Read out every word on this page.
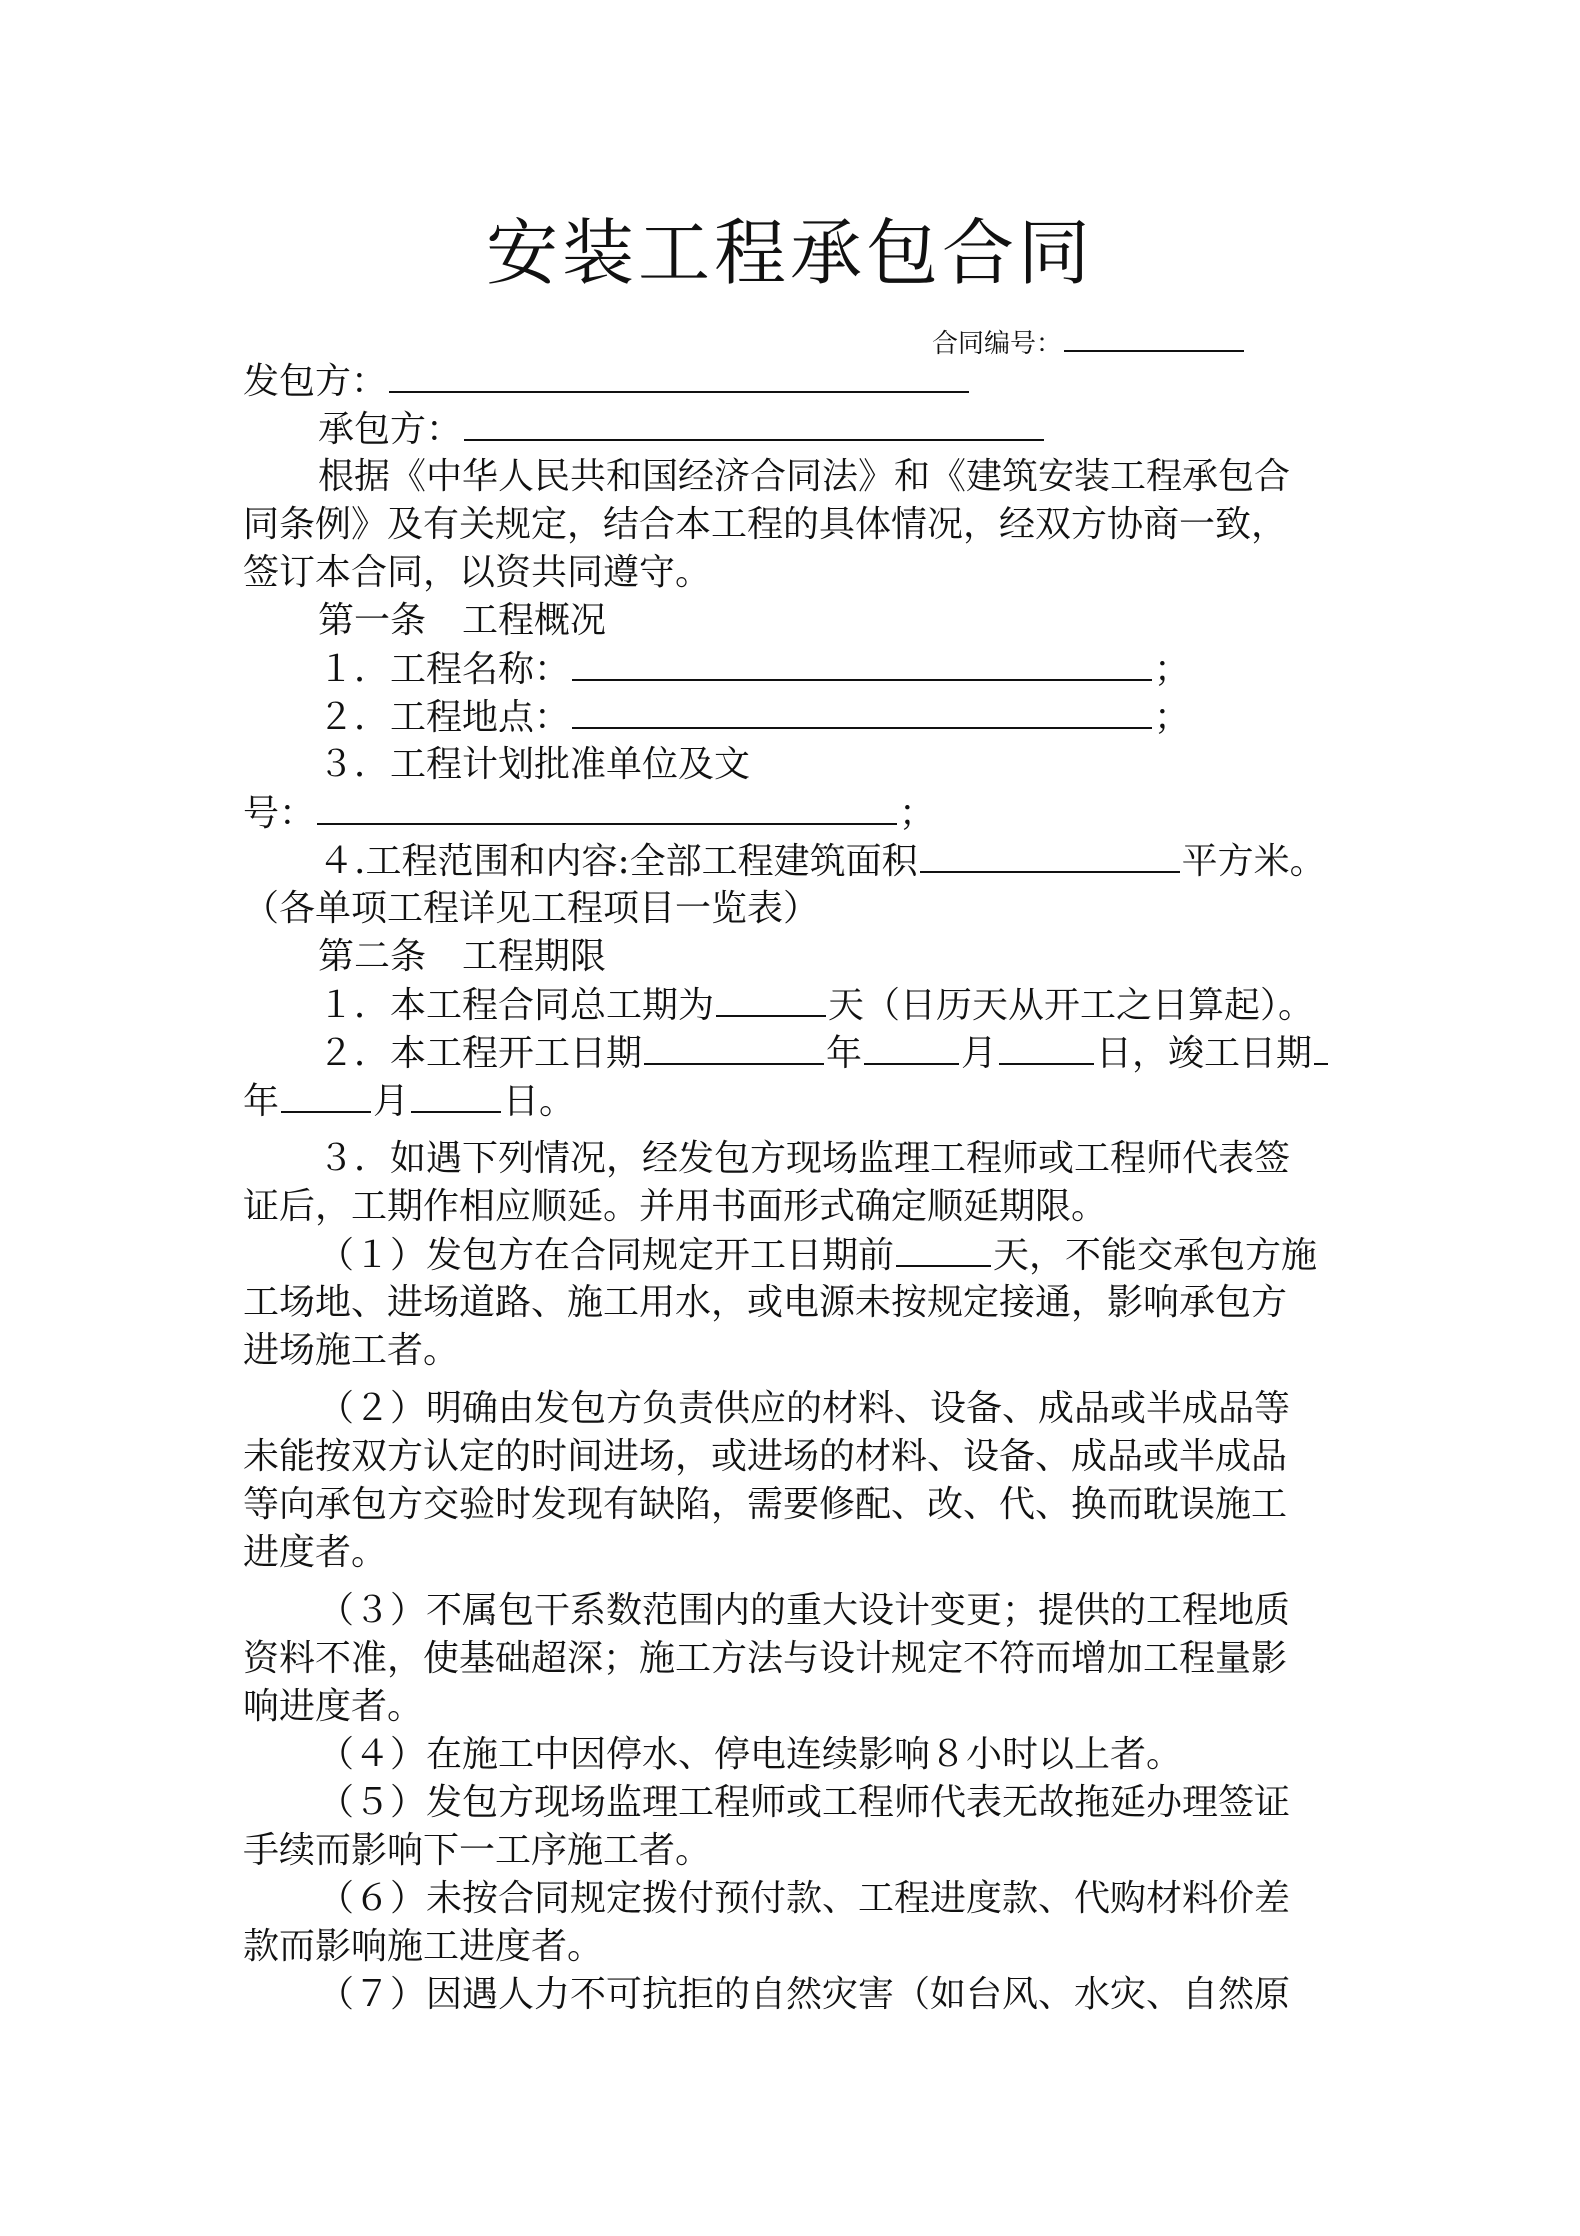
安装工程承包合同
合同编号：
发包方：
承包方：
根据《中华人民共和国经济合同法》和《建筑安装工程承包合
同条例》及有关规定，结合本工程的具体情况，经双方协商一致，
签订本合同，以资共同遵守。
第一条　工程概况
１．工程名称：	；
２．工程地点：	；
３．工程计划批准单位及文
号：	；
４.工程范围和内容:全部工程建筑面积	平方米。
（各单项工程详见工程项目一览表）
第二条　工程期限
１．本工程合同总工期为	天（日历天从开工之日算起）。
２．本工程开工日期	年	月	日，竣工日期
年	月	日。
３．如遇下列情况，经发包方现场监理工程师或工程师代表签
证后，工期作相应顺延。并用书面形式确定顺延期限。
（１）发包方在合同规定开工日期前	天，不能交承包方施
工场地、进场道路、施工用水，或电源未按规定接通，影响承包方
进场施工者。
（２）明确由发包方负责供应的材料、设备、成品或半成品等
未能按双方认定的时间进场，或进场的材料、设备、成品或半成品
等向承包方交验时发现有缺陷，需要修配、改、代、换而耽误施工
进度者。
（３）不属包干系数范围内的重大设计变更；提供的工程地质
资料不准，使基础超深；施工方法与设计规定不符而增加工程量影
响进度者。
（４）在施工中因停水、停电连续影响８小时以上者。
（５）发包方现场监理工程师或工程师代表无故拖延办理签证
手续而影响下一工序施工者。
（６）未按合同规定拨付预付款、工程进度款、代购材料价差
款而影响施工进度者。
（７）因遇人力不可抗拒的自然灾害（如台风、水灾、自然原
